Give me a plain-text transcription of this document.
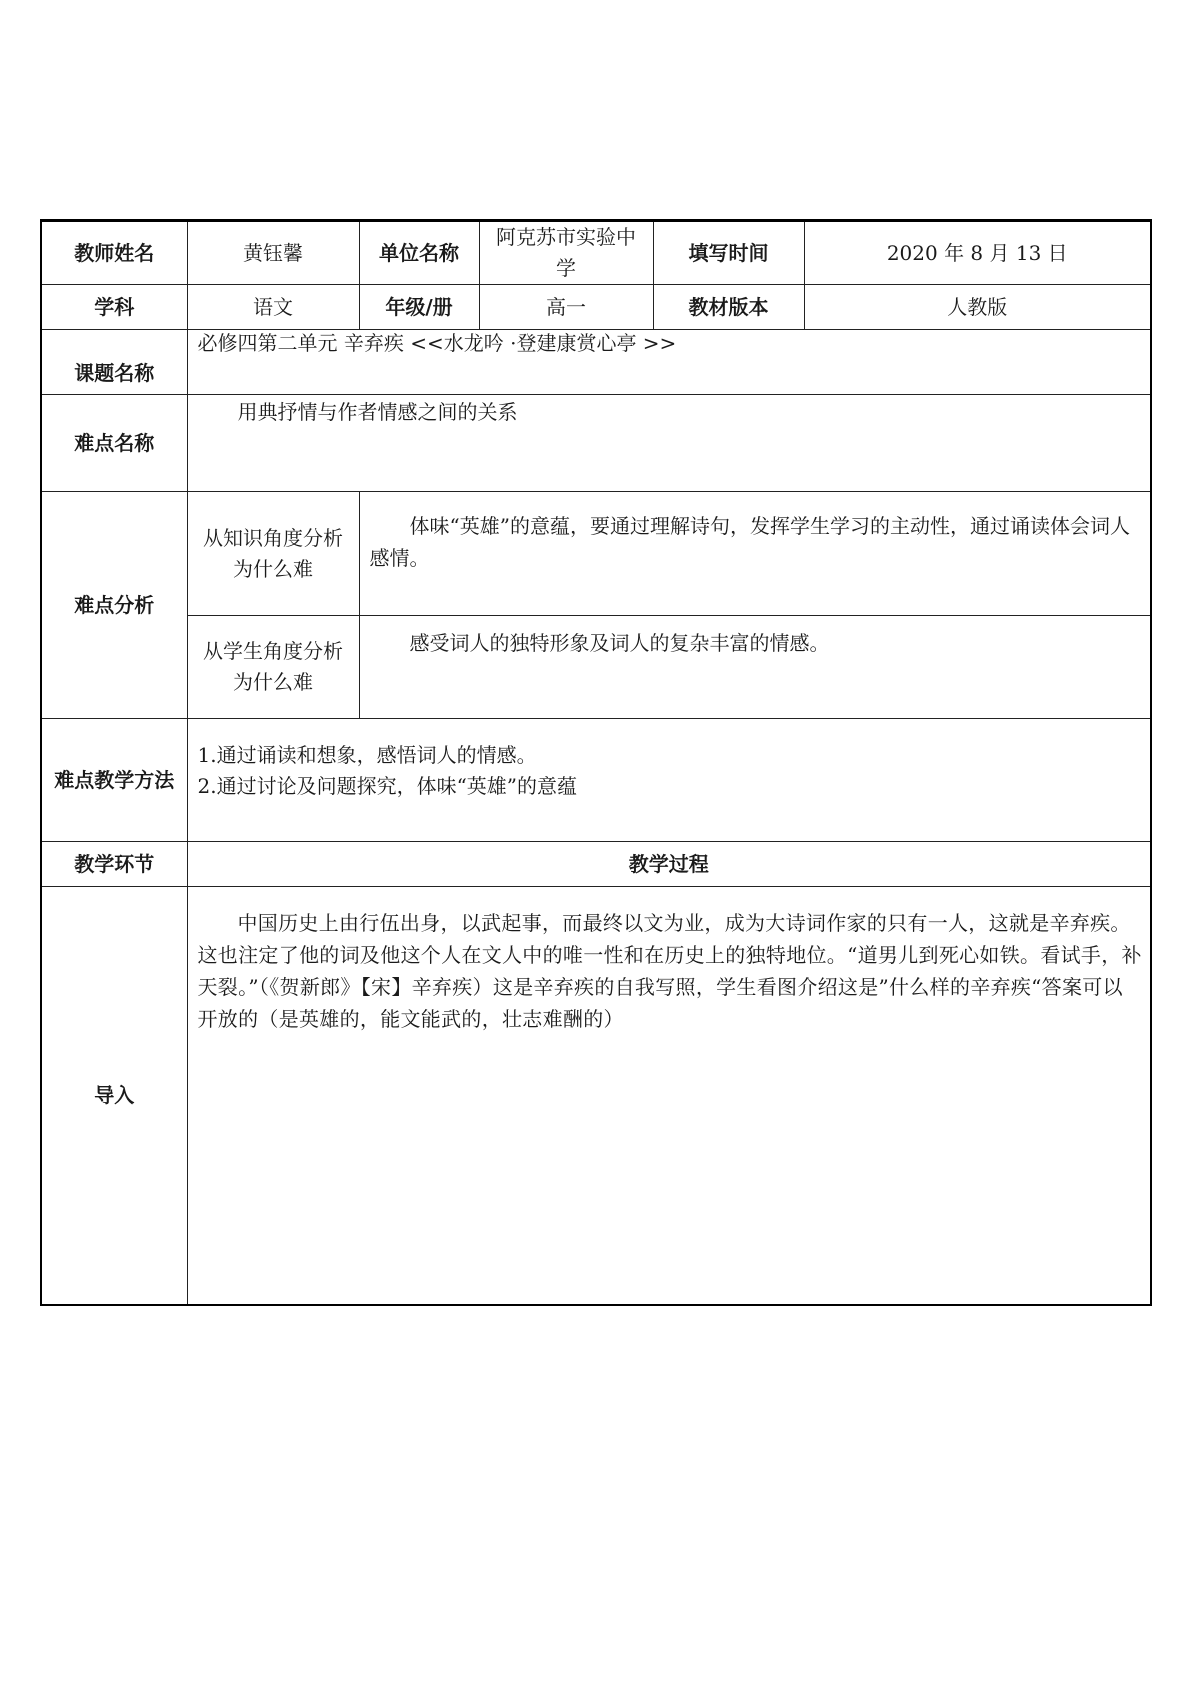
教师姓名	黄钰馨	单位名称	阿克苏市实验中学	填写时间	2020 年 8 月 13 日
学科	语文	年级/册	高一	教材版本	人教版
课题名称	必修四第二单元 辛弃疾 <<水龙吟 ·登建康赏心亭 >>				
难点名称	用典抒情与作者情感之间的关系				
难点分析	从知识角度分析为什么难	体味“英雄”的意蕴，要通过理解诗句，发挥学生学习的主动性，通过诵读体会词人感情。			
	从学生角度分析为什么难	感受词人的独特形象及词人的复杂丰富的情感。			
难点教学方法	1.通过诵读和想象，感悟词人的情感。
2.通过讨论及问题探究，体味“英雄”的意蕴				

教学环节	教学过程				
导入	中国历史上由行伍出身，以武起事，而最终以文为业，成为大诗词作家的只有一人，这就是辛弃疾。这也注定了他的词及他这个人在文人中的唯一性和在历史上的独特地位。“道男儿到死心如铁。看试手，补天裂。”（《贺新郎》【宋】辛弃疾）这是辛弃疾的自我写照，学生看图介绍这是”什么样的辛弃疾“答案可以开放的（是英雄的，能文能武的，壮志难酬的）				
